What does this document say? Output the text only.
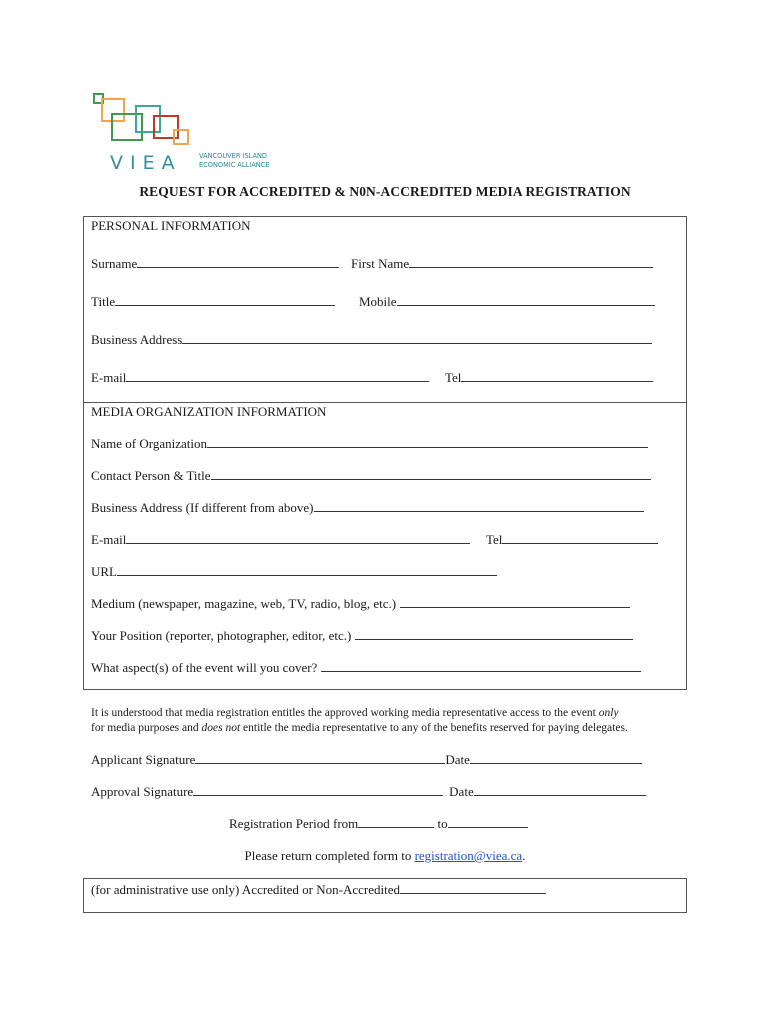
VIEA	VANCOUVER ISLAND
ECONOMIC ALLIANCE
REQUEST FOR ACCREDITED & N0N-ACCREDITED MEDIA REGISTRATION
PERSONAL INFORMATION
Surname	First Name
Title	Mobile
Business Address
E-mail	Tel
MEDIA ORGANIZATION INFORMATION
Name of Organization
Contact Person & Title
Business Address (If different from above)
E-mail	Tel
URL
Medium (newspaper, magazine, web, TV, radio, blog, etc.)
Your Position (reporter, photographer, editor, etc.)
What aspect(s) of the event will you cover?
It is understood that media registration entitles the approved working media representative access to the event only
for media purposes and does not entitle the media representative to any of the benefits reserved for paying delegates.
Applicant Signature	Date
Approval Signature	Date
Registration Period from	to
Please return completed form to registration@viea.ca.
(for administrative use only) Accredited or Non-Accredited
